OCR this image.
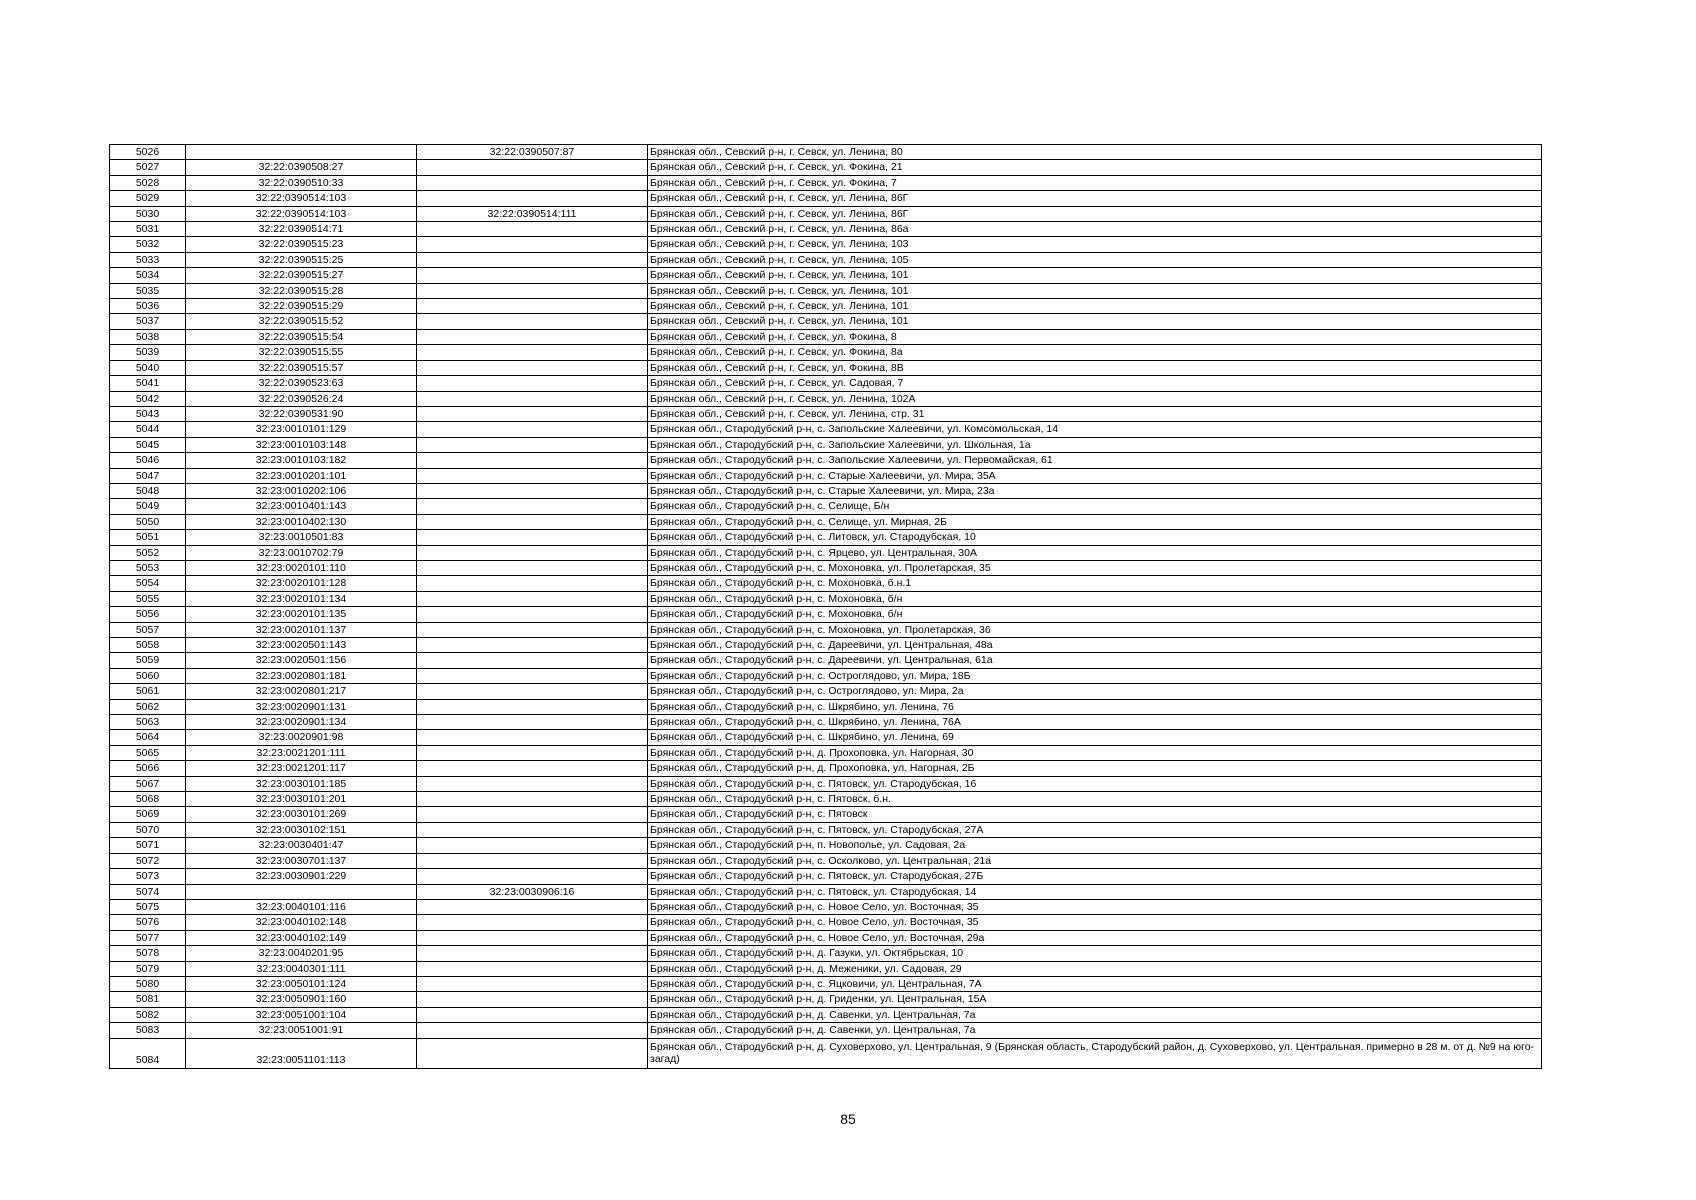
5026		32:22:0390507:87	Брянская обл., Севский р-н, г. Севск, ул. Ленина, 80
5027	32:22:0390508:27		Брянская обл., Севский р-н, г. Севск, ул. Фокина, 21
5028	32:22:0390510:33		Брянская обл., Севский р-н, г. Севск, ул. Фокина, 7
5029	32:22:0390514:103		Брянская обл., Севский р-н, г. Севск, ул. Ленина, 86Г
5030	32:22:0390514:103	32:22:0390514:111	Брянская обл., Севский р-н, г. Севск, ул. Ленина, 86Г
5031	32:22:0390514:71		Брянская обл., Севский р-н, г. Севск, ул. Ленина, 86а
5032	32:22:0390515:23		Брянская обл., Севский р-н, г. Севск, ул. Ленина, 103
5033	32:22:0390515:25		Брянская обл., Севский р-н, г. Севск, ул. Ленина, 105
5034	32:22:0390515:27		Брянская обл., Севский р-н, г. Севск, ул. Ленина, 101
5035	32:22:0390515:28		Брянская обл., Севский р-н, г. Севск, ул. Ленина, 101
5036	32:22:0390515:29		Брянская обл., Севский р-н, г. Севск, ул. Ленина, 101
5037	32:22:0390515:52		Брянская обл., Севский р-н, г. Севск, ул. Ленина, 101
5038	32:22:0390515:54		Брянская обл., Севский р-н, г. Севск, ул. Фокина, 8
5039	32:22:0390515:55		Брянская обл., Севский р-н, г. Севск, ул. Фокина, 8а
5040	32:22:0390515:57		Брянская обл., Севский р-н, г. Севск, ул. Фокина, 8В
5041	32:22:0390523:63		Брянская обл., Севский р-н, г. Севск, ул. Садовая, 7
5042	32:22:0390526:24		Брянская обл., Севский р-н, г. Севск, ул. Ленина, 102А
5043	32:22:0390531:90		Брянская обл., Севский р-н, г. Севск, ул. Ленина, стр. 31
5044	32:23:0010101:129		Брянская обл., Стародубский р-н, с. Запольские Халеевичи, ул. Комсомольская, 14
5045	32:23:0010103:148		Брянская обл., Стародубский р-н, с. Запольские Халеевичи, ул. Школьная, 1а
5046	32:23:0010103:182		Брянская обл., Стародубский р-н, с. Запольские Халеевичи, ул. Первомайская, 61
5047	32:23:0010201:101		Брянская обл., Стародубский р-н, с. Старые Халеевичи, ул. Мира, 35А
5048	32:23:0010202:106		Брянская обл., Стародубский р-н, с. Старые Халеевичи, ул. Мира, 23а
5049	32:23:0010401:143		Брянская обл., Стародубский р-н, с. Селище, Б/н
5050	32:23:0010402:130		Брянская обл., Стародубский р-н, с. Селище, ул. Мирная, 2Б
5051	32:23:0010501:83		Брянская обл., Стародубский р-н, с. Литовск, ул. Стародубская, 10
5052	32:23:0010702:79		Брянская обл., Стародубский р-н, с. Ярцево, ул. Центральная, 30А
5053	32:23:0020101:110		Брянская обл., Стародубский р-н, с. Мохоновка, ул. Пролетарская, 35
5054	32:23:0020101:128		Брянская обл., Стародубский р-н, с. Мохоновка, б.н.1
5055	32:23:0020101:134		Брянская обл., Стародубский р-н, с. Мохоновка, б/н
5056	32:23:0020101:135		Брянская обл., Стародубский р-н, с. Мохоновка, б/н
5057	32:23:0020101:137		Брянская обл., Стародубский р-н, с. Мохоновка, ул. Пролетарская, 36
5058	32:23:0020501:143		Брянская обл., Стародубский р-н, с. Дареевичи, ул. Центральная, 48а
5059	32:23:0020501:156		Брянская обл., Стародубский р-н, с. Дареевичи, ул. Центральная, 61а
5060	32:23:0020801:181		Брянская обл., Стародубский р-н, с. Остроглядово, ул. Мира, 18Б
5061	32:23:0020801:217		Брянская обл., Стародубский р-н, с. Остроглядово, ул. Мира, 2а
5062	32:23:0020901:131		Брянская обл., Стародубский р-н, с. Шкрябино, ул. Ленина, 76
5063	32:23:0020901:134		Брянская обл., Стародубский р-н, с. Шкрябино, ул. Ленина, 76А
5064	32:23:0020901:98		Брянская обл., Стародубский р-н, с. Шкрябино, ул. Ленина, 69
5065	32:23:0021201:111		Брянская обл., Стародубский р-н, д. Прохоповка, ул. Нагорная, 30
5066	32:23:0021201:117		Брянская обл., Стародубский р-н, д. Прохоповка, ул. Нагорная, 2Б
5067	32:23:0030101:185		Брянская обл., Стародубский р-н, с. Пятовск, ул. Стародубская, 16
5068	32:23:0030101:201		Брянская обл., Стародубский р-н, с. Пятовск, б.н.
5069	32:23:0030101:269		Брянская обл., Стародубский р-н, с. Пятовск
5070	32:23:0030102:151		Брянская обл., Стародубский р-н, с. Пятовск, ул. Стародубская, 27А
5071	32:23:0030401:47		Брянская обл., Стародубский р-н, п. Новополье, ул. Садовая, 2а
5072	32:23:0030701:137		Брянская обл., Стародубский р-н, с. Осколково, ул. Центральная, 21а
5073	32:23:0030901:229		Брянская обл., Стародубский р-н, с. Пятовск, ул. Стародубская, 27Б
5074		32:23:0030906:16	Брянская обл., Стародубский р-н, с. Пятовск, ул. Стародубская, 14
5075	32:23:0040101:116		Брянская обл., Стародубский р-н, с. Новое Село, ул. Восточная, 35
5076	32:23:0040102:148		Брянская обл., Стародубский р-н, с. Новое Село, ул. Восточная, 35
5077	32:23:0040102:149		Брянская обл., Стародубский р-н, с. Новое Село, ул. Восточная, 29а
5078	32:23:0040201:95		Брянская обл., Стародубский р-н, д. Газуки, ул. Октябрьская, 10
5079	32:23:0040301:111		Брянская обл., Стародубский р-н, д. Меженики, ул. Садовая, 29
5080	32:23:0050101:124		Брянская обл., Стародубский р-н, с. Яцковичи, ул. Центральная, 7А
5081	32:23:0050901:160		Брянская обл., Стародубский р-н, д. Гриденки, ул. Центральная, 15А
5082	32:23:0051001:104		Брянская обл., Стародубский р-н, д. Савенки, ул. Центральная, 7а
5083	32:23:0051001:91		Брянская обл., Стародубский р-н, д. Савенки, ул. Центральная, 7а
5084	32:23:0051101:113		Брянская обл., Стародубский р-н, д. Суховерхово, ул. Центральная, 9 (Брянская область, Стародубский район, д. Суховерхово, ул. Центральная. примерно в 28 м. от д. №9 на юго-загад)
85
